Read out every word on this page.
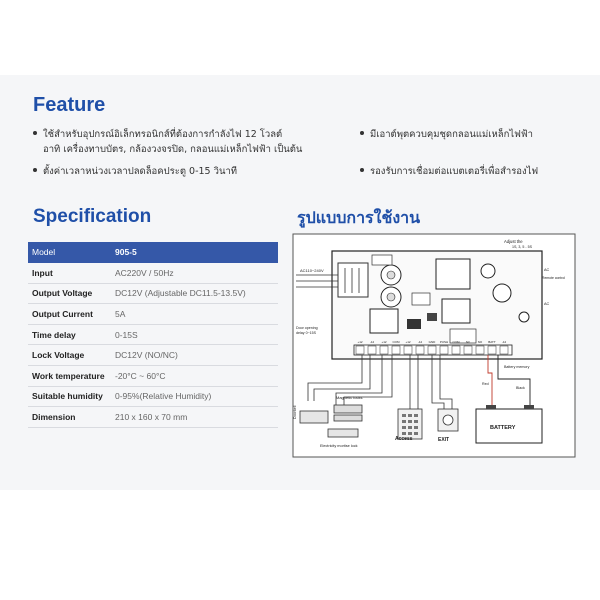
Feature
ใช้สำหรับอุปกรณ์อิเล็กทรอนิกส์ที่ต้องการกำลังไฟ 12 โวลต์
อาทิ เครื่องทาบบัตร, กล้องวงจรปิด, กลอนแม่เหล็กไฟฟ้า เป็นต้น
มีเอาต์พุตควบคุมชุดกลอนแม่เหล็กไฟฟ้า
ตั้งค่าเวลาหน่วงเวลาปลดล็อคประตู 0-15 วินาที	รองรับการเชื่อมต่อแบตเตอรี่เพื่อสำรองไฟ
Specification	รูปแบบการใช้งาน
Model	905-5
Input	AC220V / 50Hz
Output Voltage	DC12V (Adjustable DC11.5-13.5V)
Output Current	5A
Time delay	0-15S
Lock Voltage	DC12V (NO/NC)
Work temperature	-20°C ~ 60°C
Suitable humidity	0-95%(Relative Humidity)
Dimension	210 x 160 x 70 mm
AC110~240V
Adjust the
1S, 3, 5 - 5S
AC
Remote control
AC
Door opening
delay 0~15S
Battery memory
+12 -12 +12 COM +12 -12 GND PUSH COM NC	NO BATT -12
Doorbell
Magnetic locks
Electricity mortise lock
Access	EXIT
BATTERY
Red
Black
